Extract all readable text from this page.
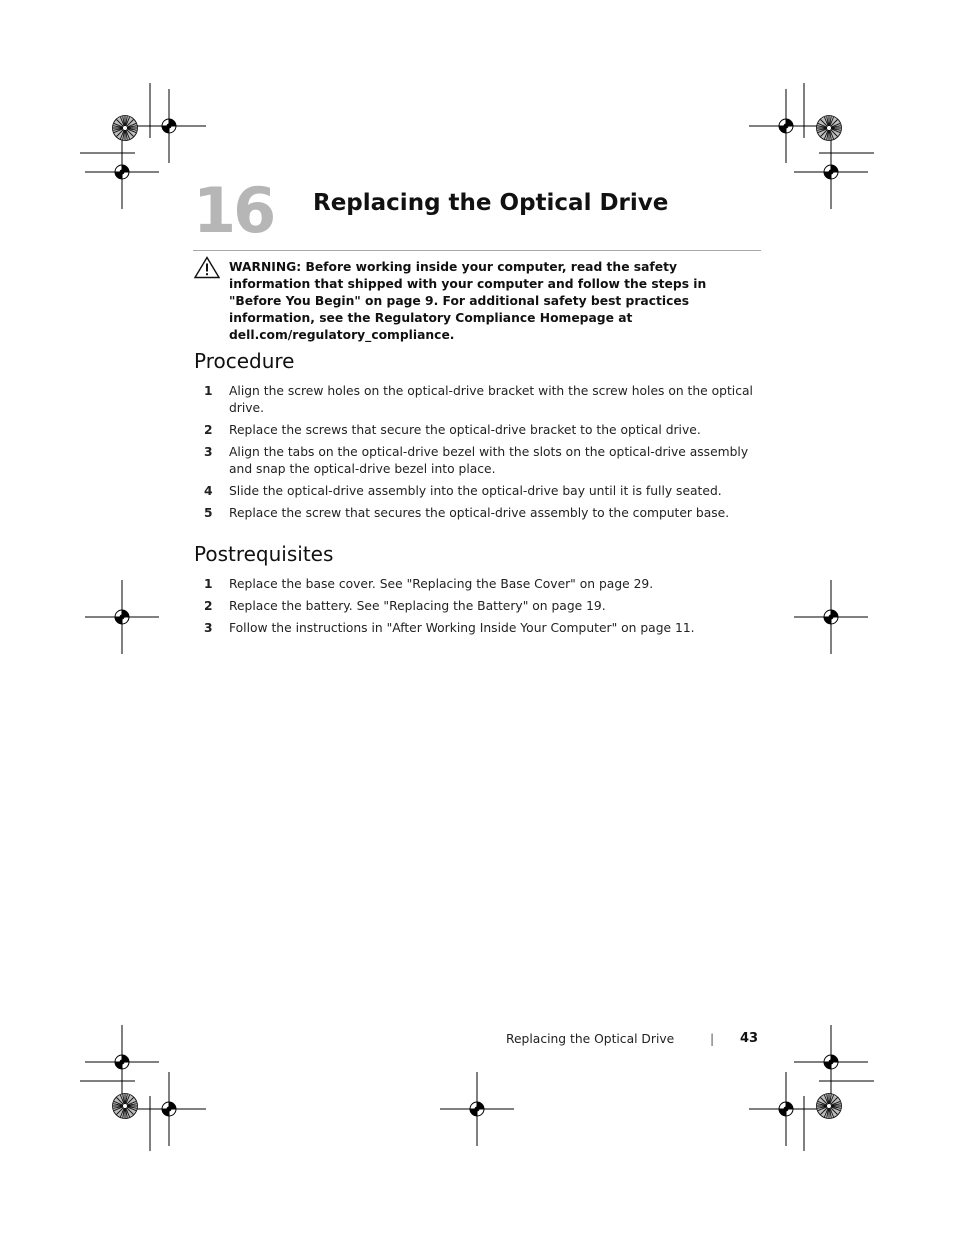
16 Replacing the Optical Drive
WARNING: Before working inside your computer, read the safety information that shipped with your computer and follow the steps in "Before You Begin" on page 9. For additional safety best practices information, see the Regulatory Compliance Homepage at dell.com/regulatory_compliance.
Procedure
1 Align the screw holes on the optical-drive bracket with the screw holes on the optical drive.
2 Replace the screws that secure the optical-drive bracket to the optical drive.
3 Align the tabs on the optical-drive bezel with the slots on the optical-drive assembly and snap the optical-drive bezel into place.
4 Slide the optical-drive assembly into the optical-drive bay until it is fully seated.
5 Replace the screw that secures the optical-drive assembly to the computer base.
Postrequisites
1 Replace the base cover. See "Replacing the Base Cover" on page 29.
2 Replace the battery. See "Replacing the Battery" on page 19.
3 Follow the instructions in "After Working Inside Your Computer" on page 11.
Replacing the Optical Drive	| 43
